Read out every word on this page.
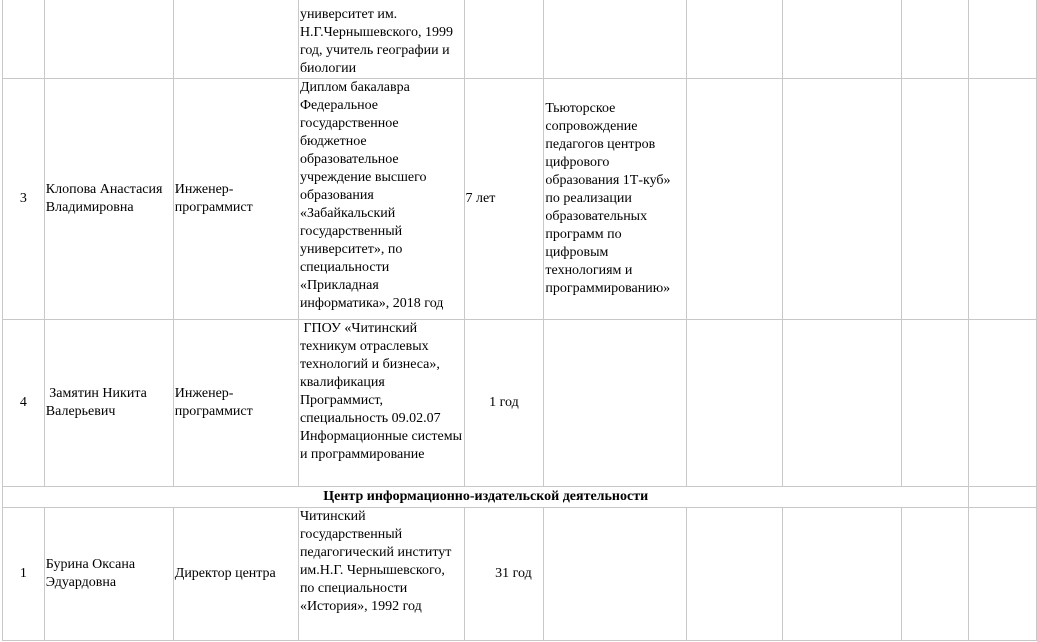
			университет им. Н.Г.Чернышевского, 1999 год, учитель географии и биологии						
3	Клопова Анастасия Владимировна	Инженер-программист	Диплом бакалавра Федеральное государственное бюджетное образовательное учреждение высшего образования «Забайкальский государственный университет», по специальности «Прикладная информатика», 2018 год	7 лет	Тьюторское сопровождение педагогов центров цифрового образования 1Т-куб» по реализации образовательных программ по цифровым технологиям и программированию»				
4	Замятин Никита Валерьевич	Инженер-программист	ГПОУ «Читинский техникум отраслевых технологий и бизнеса», квалификация Программист, специальность 09.02.07 Информационные системы и программирование	1 год					
Центр информационно-издательской деятельности									
1	Бурина Оксана Эдуардовна	Директор центра	Читинский государственный педагогический институт им.Н.Г. Чернышевского, по специальности «История», 1992 год	31 год					
